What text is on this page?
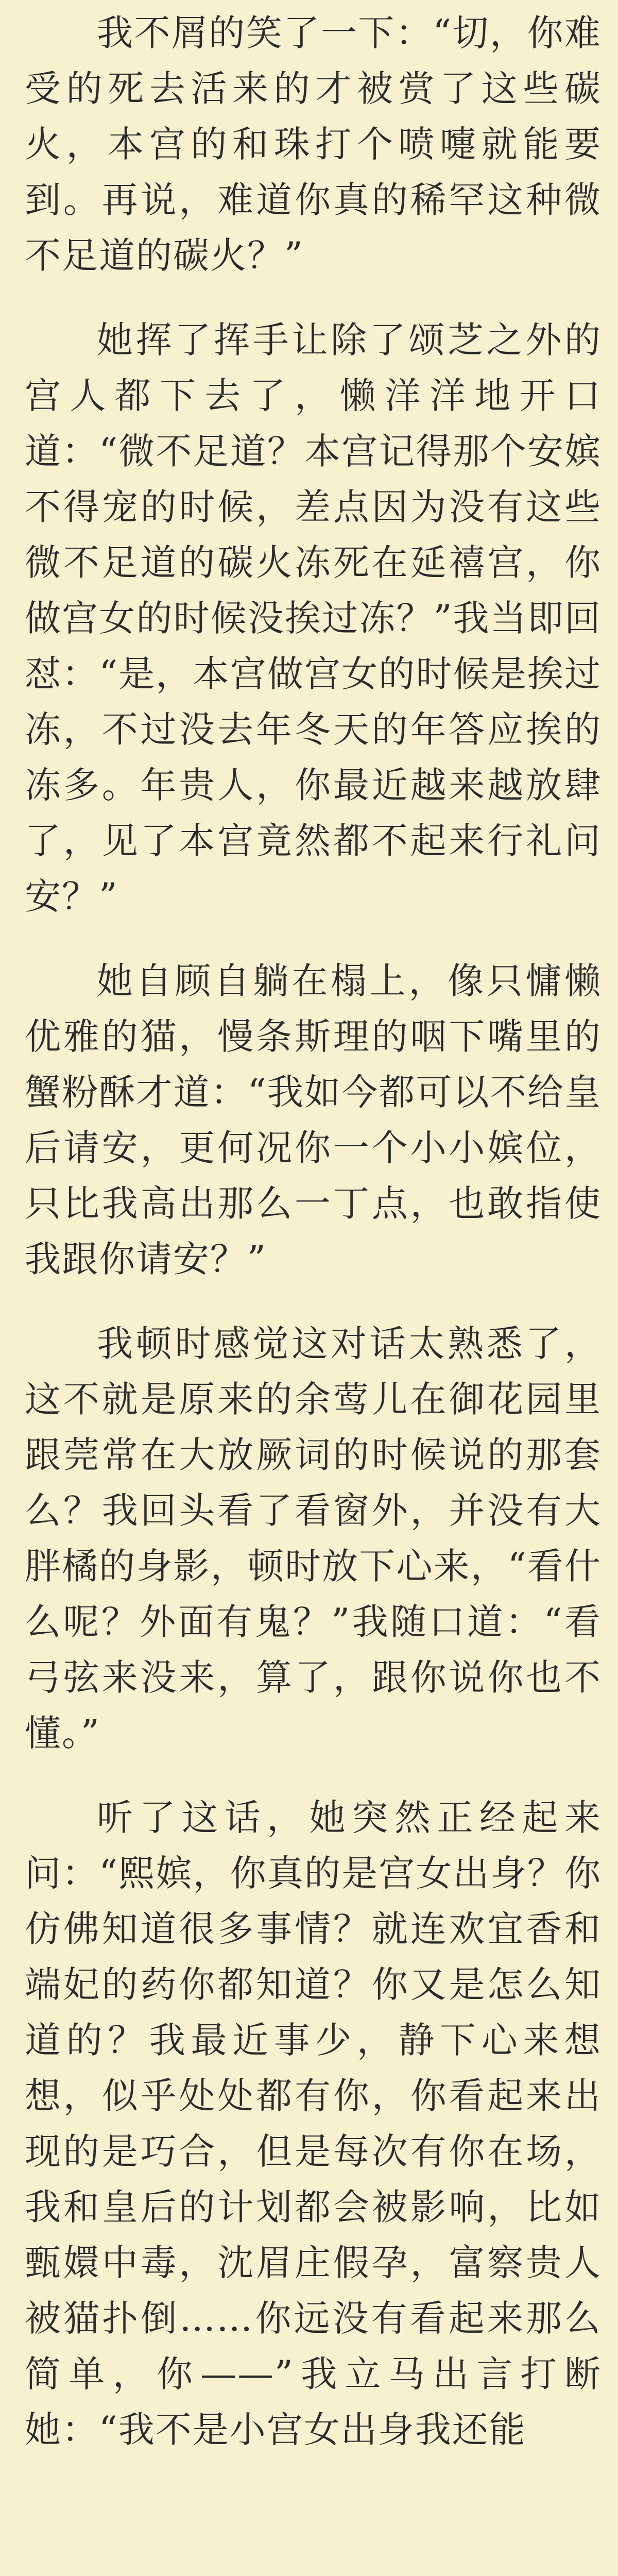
我不屑的笑了一下：“切，你难受的死去活来的才被赏了这些碳火，本宫的和珠打个喷嚏就能要到。再说，难道你真的稀罕这种微不足道的碳火？”

她挥了挥手让除了颂芝之外的宫人都下去了，懒洋洋地开口道：“微不足道？本宫记得那个安嫔不得宠的时候，差点因为没有这些微不足道的碳火冻死在延禧宫，你做宫女的时候没挨过冻？”我当即回怼：“是，本宫做宫女的时候是挨过冻，不过没去年冬天的年答应挨的冻多。年贵人，你最近越来越放肆了，见了本宫竟然都不起来行礼问安？”

她自顾自躺在榻上，像只慵懒优雅的猫，慢条斯理的咽下嘴里的蟹粉酥才道：“我如今都可以不给皇后请安，更何况你一个小小嫔位，只比我高出那么一丁点，也敢指使我跟你请安？”

我顿时感觉这对话太熟悉了，这不就是原来的余莺儿在御花园里跟莞常在大放厥词的时候说的那套么？我回头看了看窗外，并没有大胖橘的身影，顿时放下心来，“看什么呢？外面有鬼？”我随口道：“看弓弦来没来，算了，跟你说你也不懂。”

听了这话，她突然正经起来问：“熙嫔，你真的是宫女出身？你仿佛知道很多事情？就连欢宜香和端妃的药你都知道？你又是怎么知道的？我最近事少，静下心来想想，似乎处处都有你，你看起来出现的是巧合，但是每次有你在场，我和皇后的计划都会被影响，比如甄嬛中毒，沈眉庄假孕，富察贵人被猫扑倒……你远没有看起来那么简单，你——”我立马出言打断她：“我不是小宫女出身我还能
